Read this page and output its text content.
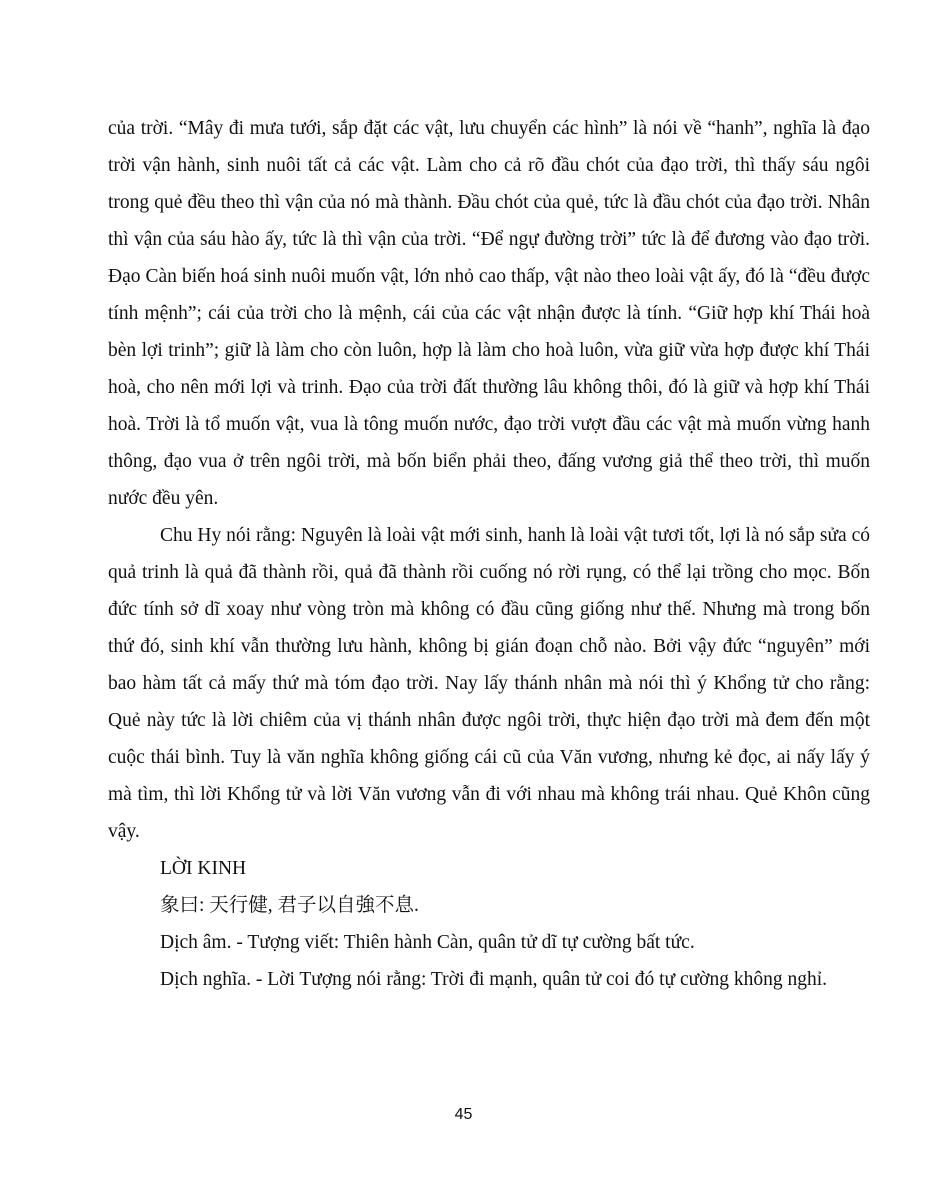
của trời. “Mây đi mưa tưới, sắp đặt các vật, lưu chuyển các hình” là nói về “hanh”, nghĩa là đạo trời vận hành, sinh nuôi tất cả các vật. Làm cho cả rõ đầu chót của đạo trời, thì thấy sáu ngôi trong quẻ đều theo thì vận của nó mà thành. Đầu chót của quẻ, tức là đầu chót của đạo trời. Nhân thì vận của sáu hào ấy, tức là thì vận của trời. “Để ngự đường trời” tức là để đương vào đạo trời. Đạo Càn biến hoá sinh nuôi muốn vật, lớn nhỏ cao thấp, vật nào theo loài vật ấy, đó là “đều được tính mệnh”; cái của trời cho là mệnh, cái của các vật nhận được là tính. “Giữ hợp khí Thái hoà bèn lợi trinh”; giữ là làm cho còn luôn, hợp là làm cho hoà luôn, vừa giữ vừa hợp được khí Thái hoà, cho nên mới lợi và trinh. Đạo của trời đất thường lâu không thôi, đó là giữ và hợp khí Thái hoà. Trời là tổ muốn vật, vua là tông muốn nước, đạo trời vượt đầu các vật mà muốn vừng hanh thông, đạo vua ở trên ngôi trời, mà bốn biển phải theo, đấng vương giả thể theo trời, thì muốn nước đều yên.

Chu Hy nói rằng: Nguyên là loài vật mới sinh, hanh là loài vật tươi tốt, lợi là nó sắp sửa có quả trinh là quả đã thành rồi, quả đã thành rồi cuống nó rời rụng, có thể lại trồng cho mọc. Bốn đức tính sở dĩ xoay như vòng tròn mà không có đầu cũng giống như thế. Nhưng mà trong bốn thứ đó, sinh khí vẫn thường lưu hành, không bị gián đoạn chỗ nào. Bởi vậy đức “nguyên” mới bao hàm tất cả mấy thứ mà tóm đạo trời. Nay lấy thánh nhân mà nói thì ý Khổng tử cho rằng: Quẻ này tức là lời chiêm của vị thánh nhân được ngôi trời, thực hiện đạo trời mà đem đến một cuộc thái bình. Tuy là văn nghĩa không giống cái cũ của Văn vương, nhưng kẻ đọc, ai nấy lấy ý mà tìm, thì lời Khổng tử và lời Văn vương vẫn đi với nhau mà không trái nhau. Quẻ Khôn cũng vậy.

LỜI KINH

象曰: 天行健, 君子以自強不息.

Dịch âm. - Tượng viết: Thiên hành Càn, quân tử dĩ tự cường bất tức.

Dịch nghĩa. - Lời Tượng nói rằng: Trời đi mạnh, quân tử coi đó tự cường không nghỉ.

45
